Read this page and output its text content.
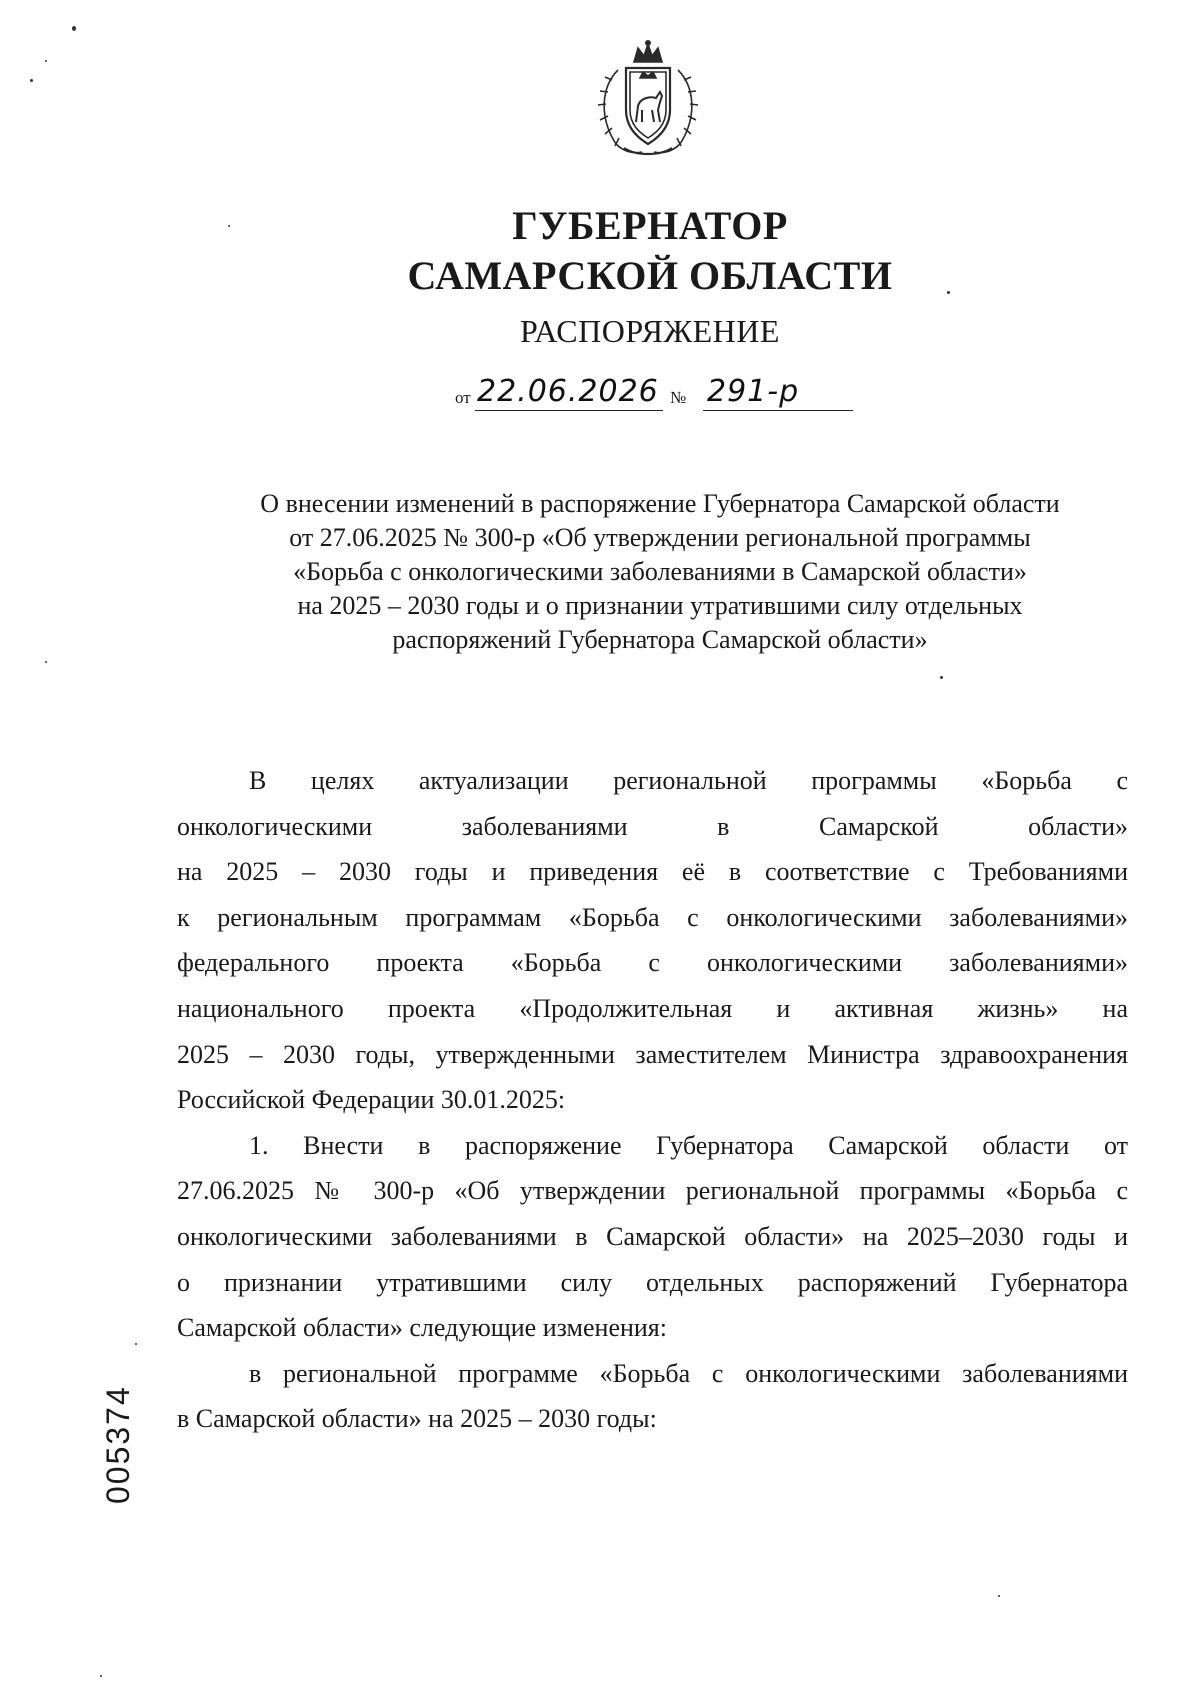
ГУБЕРНАТОР
САМАРСКОЙ ОБЛАСТИ
РАСПОРЯЖЕНИЕ
от 22.06.2026 № 291-р
О внесении изменений в распоряжение Губернатора Самарской области
от 27.06.2025 № 300-р «Об утверждении региональной программы
«Борьба с онкологическими заболеваниями в Самарской области»
на 2025 – 2030 годы и о признании утратившими силу отдельных
распоряжений Губернатора Самарской области»
В целях актуализации региональной программы «Борьба с
онкологическими заболеваниями в Самарской области»
на 2025 – 2030 годы и приведения её в соответствие с Требованиями
к региональным программам «Борьба с онкологическими заболеваниями»
федерального проекта «Борьба с онкологическими заболеваниями»
национального проекта «Продолжительная и активная жизнь» на
2025 – 2030 годы, утвержденными заместителем Министра здравоохранения
Российской Федерации 30.01.2025:
1. Внести в распоряжение Губернатора Самарской области от
27.06.2025 № 300-р «Об утверждении региональной программы «Борьба с
онкологическими заболеваниями в Самарской области» на 2025–2030 годы и
о признании утратившими силу отдельных распоряжений Губернатора
Самарской области» следующие изменения:
в региональной программе «Борьба с онкологическими заболеваниями
в Самарской области» на 2025 – 2030 годы:
005374
